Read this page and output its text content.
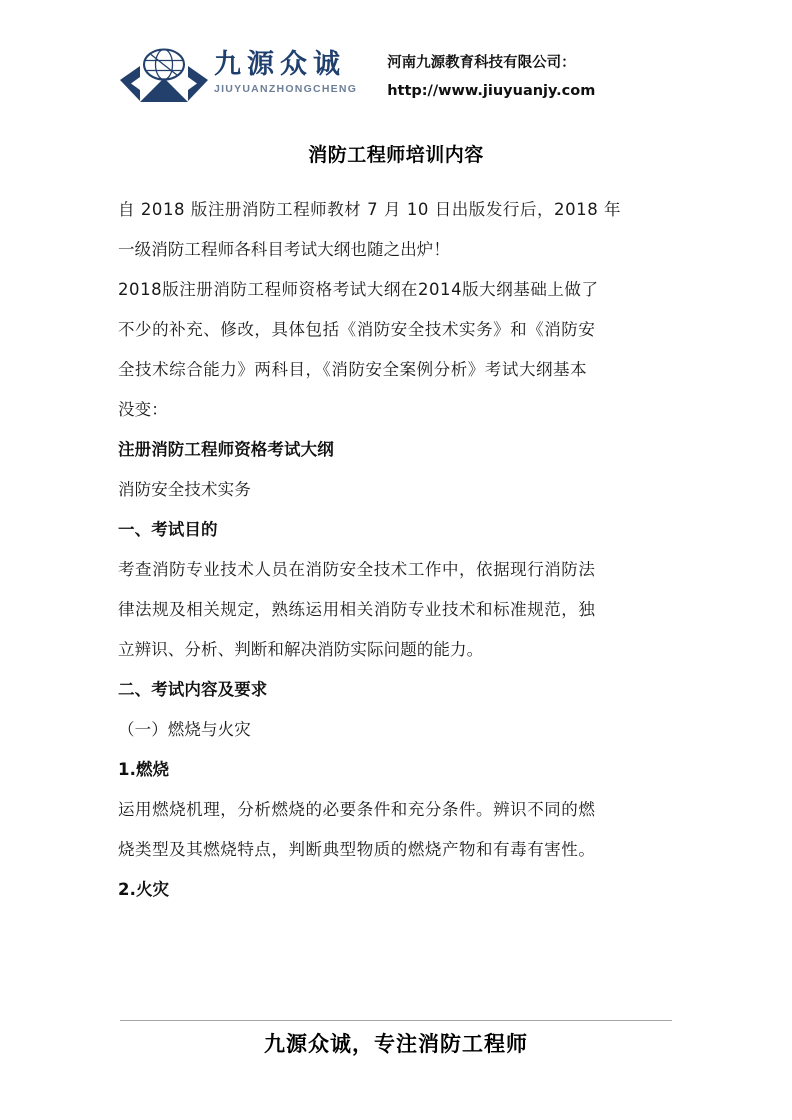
九源众诚
JIUYUANZHONGCHENG
河南九源教育科技有限公司：
http://www.jiuyuanjy.com
消防工程师培训内容
自 2018 版注册消防工程师教材 7 月 10 日出版发行后，2018 年
一级消防工程师各科目考试大纲也随之出炉！
2018版注册消防工程师资格考试大纲在2014版大纲基础上做了
不少的补充、修改，具体包括《消防安全技术实务》和《消防安
全技术综合能力》两科目，《消防安全案例分析》考试大纲基本
没变：
注册消防工程师资格考试大纲
消防安全技术实务
一、考试目的
考查消防专业技术人员在消防安全技术工作中，依据现行消防法
律法规及相关规定，熟练运用相关消防专业技术和标准规范，独
立辨识、分析、判断和解决消防实际问题的能力。
二、考试内容及要求
（一）燃烧与火灾
1.燃烧
运用燃烧机理，分析燃烧的必要条件和充分条件。辨识不同的燃
烧类型及其燃烧特点，判断典型物质的燃烧产物和有毒有害性。
2.火灾
九源众诚，专注消防工程师
